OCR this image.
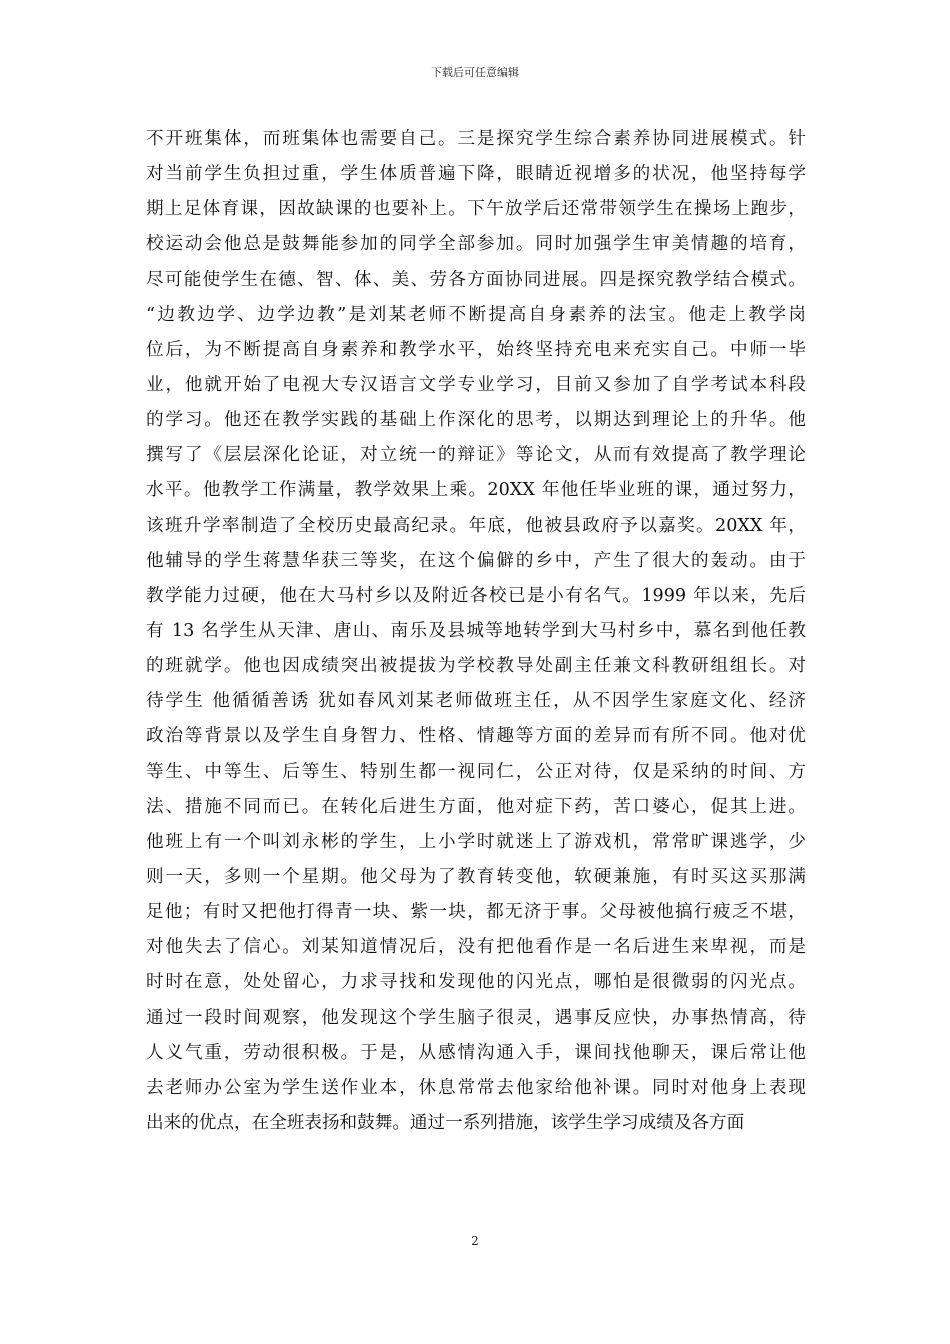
下载后可任意编辑
不开班集体，而班集体也需要自己。三是探究学生综合素养协同进展模式。针
对当前学生负担过重，学生体质普遍下降，眼睛近视增多的状况，他坚持每学
期上足体育课，因故缺课的也要补上。下午放学后还常带领学生在操场上跑步，
校运动会他总是鼓舞能参加的同学全部参加。同时加强学生审美情趣的培育，
尽可能使学生在德、智、体、美、劳各方面协同进展。四是探究教学结合模式。
“边教边学、边学边教”是刘某老师不断提高自身素养的法宝。他走上教学岗
位后，为不断提高自身素养和教学水平，始终坚持充电来充实自己。中师一毕
业，他就开始了电视大专汉语言文学专业学习，目前又参加了自学考试本科段
的学习。他还在教学实践的基础上作深化的思考，以期达到理论上的升华。他
撰写了《层层深化论证，对立统一的辩证》等论文，从而有效提高了教学理论
水平。他教学工作满量，教学效果上乘。20XX 年他任毕业班的课，通过努力，
该班升学率制造了全校历史最高纪录。年底，他被县政府予以嘉奖。20XX 年，
他辅导的学生蒋慧华获三等奖，在这个偏僻的乡中，产生了很大的轰动。由于
教学能力过硬，他在大马村乡以及附近各校已是小有名气。1999 年以来，先后
有 13 名学生从天津、唐山、南乐及县城等地转学到大马村乡中，慕名到他任教
的班就学。他也因成绩突出被提拔为学校教导处副主任兼文科教研组组长。对
待学生 他循循善诱 犹如春风刘某老师做班主任，从不因学生家庭文化、经济
政治等背景以及学生自身智力、性格、情趣等方面的差异而有所不同。他对优
等生、中等生、后等生、特别生都一视同仁，公正对待，仅是采纳的时间、方
法、措施不同而已。在转化后进生方面，他对症下药，苦口婆心，促其上进。
他班上有一个叫刘永彬的学生，上小学时就迷上了游戏机，常常旷课逃学，少
则一天，多则一个星期。他父母为了教育转变他，软硬兼施，有时买这买那满
足他；有时又把他打得青一块、紫一块，都无济于事。父母被他搞行疲乏不堪，
对他失去了信心。刘某知道情况后，没有把他看作是一名后进生来卑视，而是
时时在意，处处留心，力求寻找和发现他的闪光点，哪怕是很微弱的闪光点。
通过一段时间观察，他发现这个学生脑子很灵，遇事反应快，办事热情高，待
人义气重，劳动很积极。于是，从感情沟通入手，课间找他聊天，课后常让他
去老师办公室为学生送作业本，休息常常去他家给他补课。同时对他身上表现
出来的优点，在全班表扬和鼓舞。通过一系列措施，该学生学习成绩及各方面
2
